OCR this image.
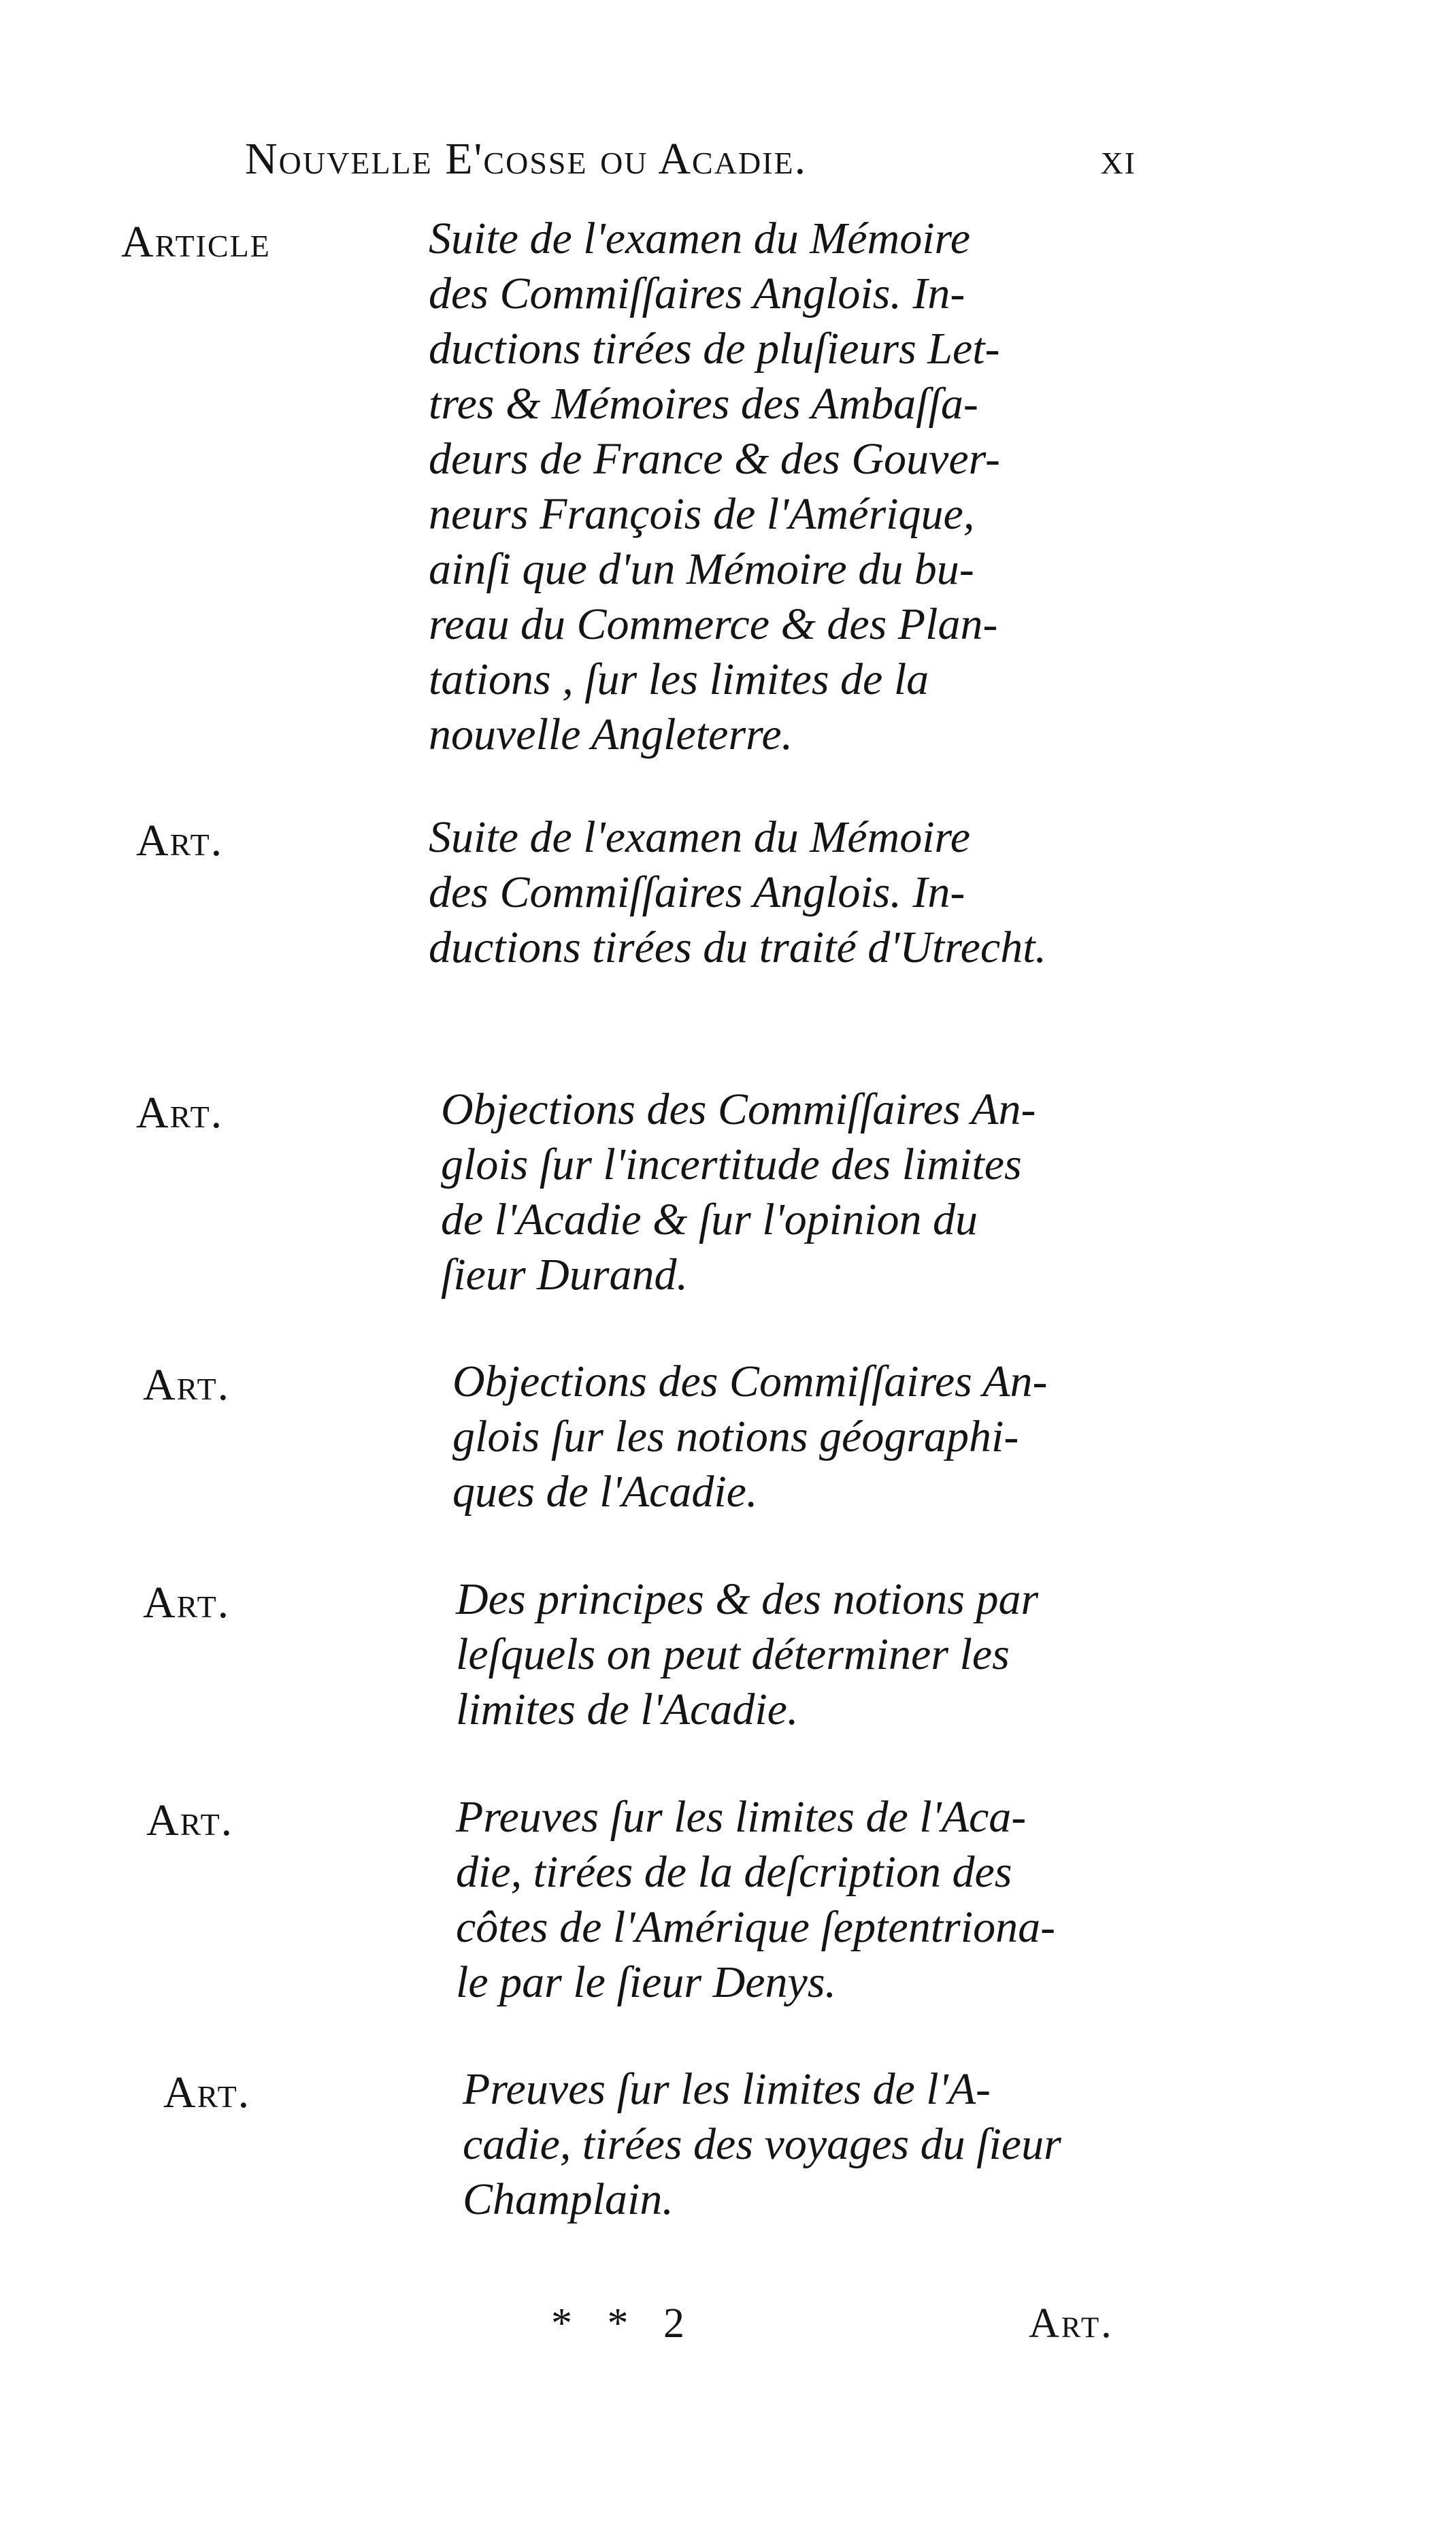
Nouvelle E'cosse ou Acadie.	xi
Article	Suite de l'examen du Mémoire
des Commiſſaires Anglois. In-
ductions tirées de pluſieurs Let-
tres & Mémoires des Ambaſſa-
deurs de France & des Gouver-
neurs François de l'Amérique,
ainſi que d'un Mémoire du bu-
reau du Commerce & des Plan-
tations , ſur les limites de la
nouvelle Angleterre.
Art.	Suite de l'examen du Mémoire
des Commiſſaires Anglois. In-
ductions tirées du traité d'Utrecht.
Art.	Objections des Commiſſaires An-
glois ſur l'incertitude des limites
de l'Acadie & ſur l'opinion du
ſieur Durand.
Art.	Objections des Commiſſaires An-
glois ſur les notions géographi-
ques de l'Acadie.
Art.	Des principes & des notions par
leſquels on peut déterminer les
limites de l'Acadie.
Art.	Preuves ſur les limites de l'Aca-
die, tirées de la deſcription des
côtes de l'Amérique ſeptentriona-
le par le ſieur Denys.
Art.	Preuves ſur les limites de l'A-
cadie, tirées des voyages du ſieur
Champlain.
* * 2	Art.
